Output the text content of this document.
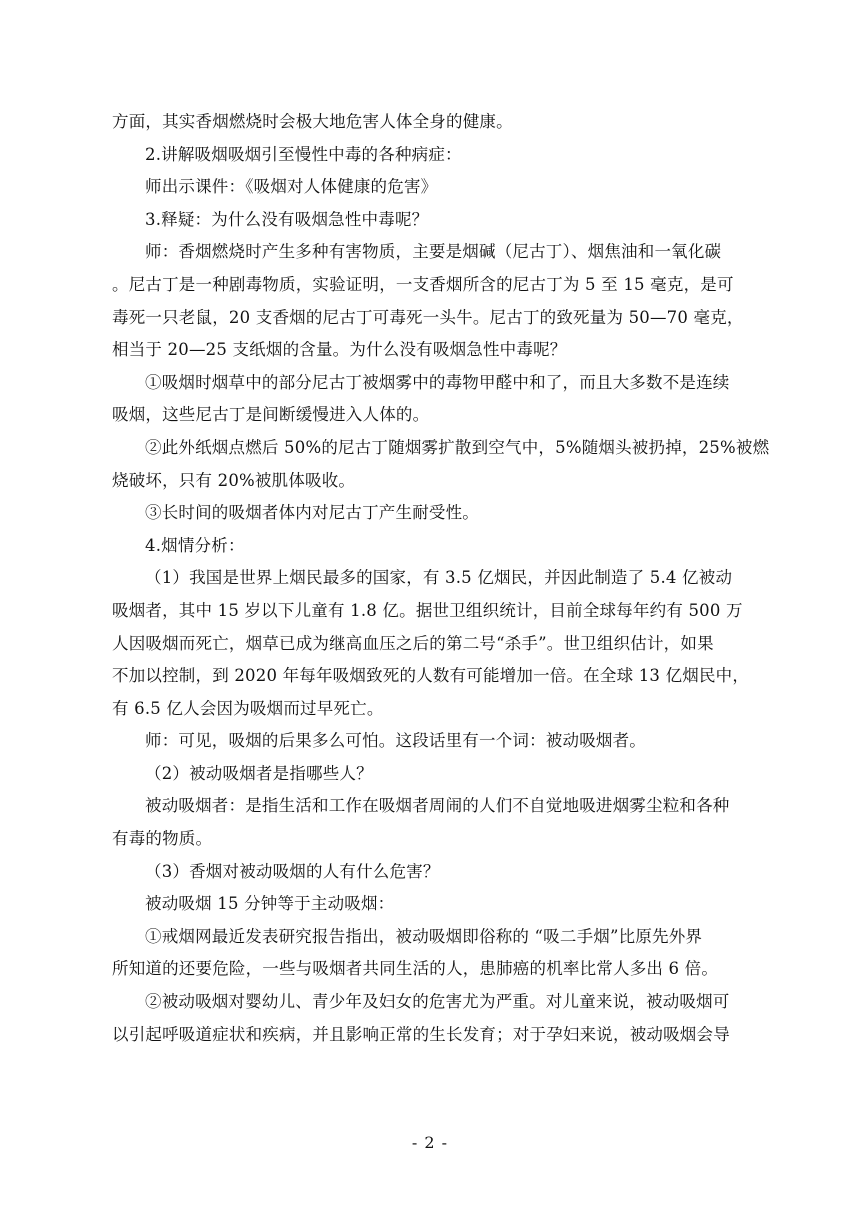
方面，其实香烟燃烧时会极大地危害人体全身的健康。
2.讲解吸烟吸烟引至慢性中毒的各种病症：
师出示课件：《吸烟对人体健康的危害》
3.释疑：为什么没有吸烟急性中毒呢？
师：香烟燃烧时产生多种有害物质，主要是烟碱（尼古丁）、烟焦油和一氧化碳
。尼古丁是一种剧毒物质，实验证明，一支香烟所含的尼古丁为 5 至 15 毫克，是可
毒死一只老鼠，20 支香烟的尼古丁可毒死一头牛。尼古丁的致死量为 50—70 毫克，
相当于 20—25 支纸烟的含量。为什么没有吸烟急性中毒呢？
①吸烟时烟草中的部分尼古丁被烟雾中的毒物甲醛中和了，而且大多数不是连续
吸烟，这些尼古丁是间断缓慢进入人体的。
②此外纸烟点燃后 50%的尼古丁随烟雾扩散到空气中，5%随烟头被扔掉，25%被燃
烧破坏，只有 20%被肌体吸收。
③长时间的吸烟者体内对尼古丁产生耐受性。
4.烟情分析：
（1）我国是世界上烟民最多的国家，有 3.5 亿烟民，并因此制造了 5.4 亿被动
吸烟者，其中 15 岁以下儿童有 1.8 亿。据世卫组织统计，目前全球每年约有 500 万
人因吸烟而死亡，烟草已成为继高血压之后的第二号“杀手”。世卫组织估计，如果
不加以控制，到 2020 年每年吸烟致死的人数有可能增加一倍。在全球 13 亿烟民中，
有 6.5 亿人会因为吸烟而过早死亡。
师：可见，吸烟的后果多么可怕。这段话里有一个词：被动吸烟者。
（2）被动吸烟者是指哪些人？
被动吸烟者：是指生活和工作在吸烟者周闹的人们不自觉地吸进烟雾尘粒和各种
有毒的物质。
（3）香烟对被动吸烟的人有什么危害？
被动吸烟 15 分钟等于主动吸烟：
①戒烟网最近发表研究报告指出，被动吸烟即俗称的 “吸二手烟”比原先外界
所知道的还要危险，一些与吸烟者共同生活的人，患肺癌的机率比常人多出 6 倍。
②被动吸烟对婴幼儿、青少年及妇女的危害尤为严重。对儿童来说，被动吸烟可
以引起呼吸道症状和疾病，并且影响正常的生长发育；对于孕妇来说，被动吸烟会导
- 2 -
